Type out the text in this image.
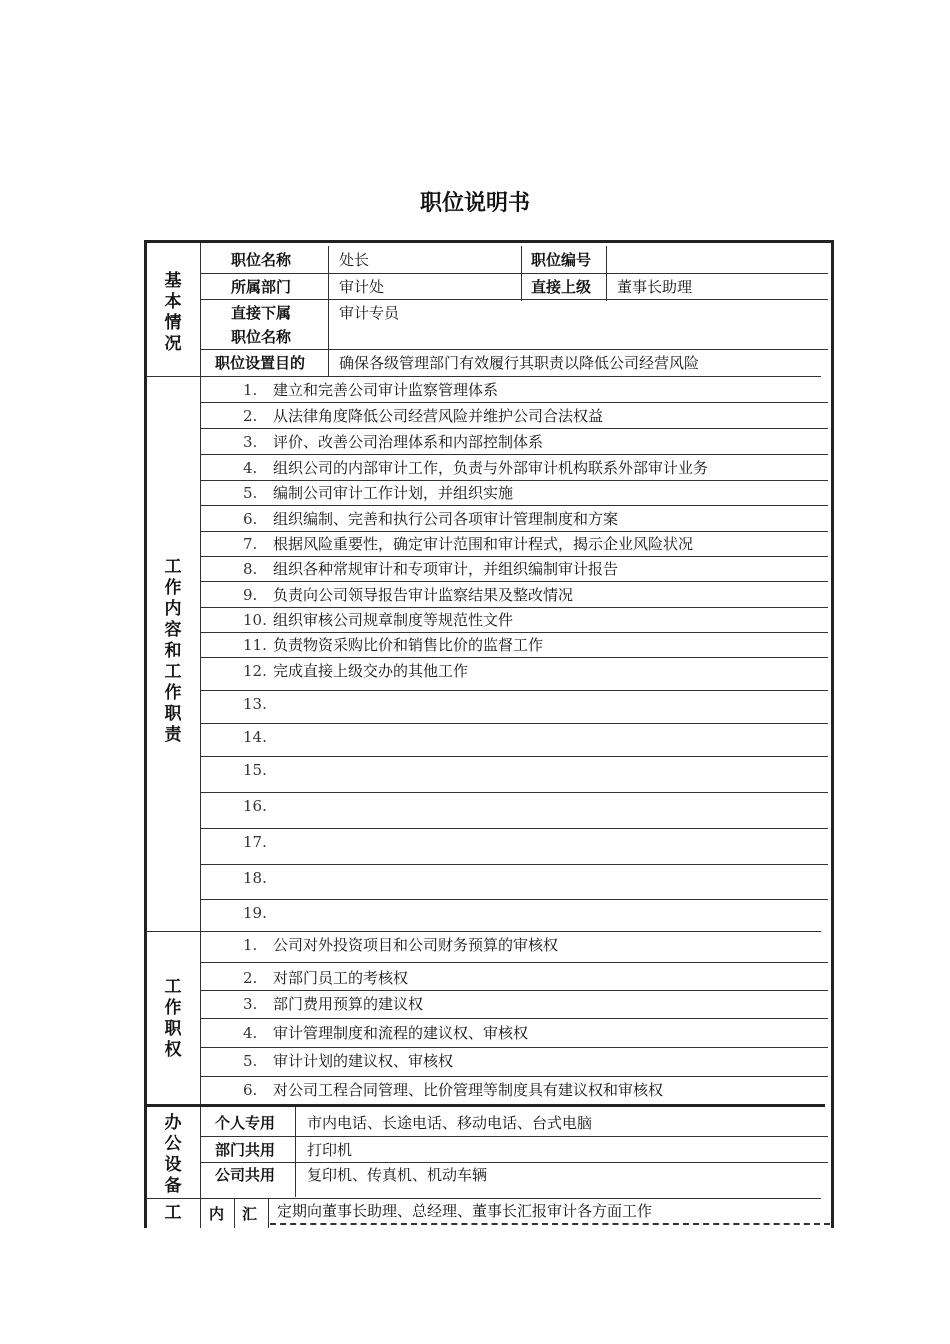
职位说明书
基
本
情
况
职位名称	处长	职位编号
所属部门	审计处	直接上级 董事长助理
直接下属
职位名称
审计专员
职位设置目的 确保各级管理部门有效履行其职责以降低公司经营风险
工
作
内
容
和
工
作
职
责
1. 建立和完善公司审计监察管理体系
2. 从法律角度降低公司经营风险并维护公司合法权益
3. 评价、改善公司治理体系和内部控制体系
4. 组织公司的内部审计工作，负责与外部审计机构联系外部审计业务
5. 编制公司审计工作计划，并组织实施
6. 组织编制、完善和执行公司各项审计管理制度和方案
7. 根据风险重要性，确定审计范围和审计程式，揭示企业风险状况
8. 组织各种常规审计和专项审计，并组织编制审计报告
9. 负责向公司领导报告审计监察结果及整改情况
10. 组织审核公司规章制度等规范性文件
11. 负责物资采购比价和销售比价的监督工作
12. 完成直接上级交办的其他工作
13.
14.
15.
16.
17.
18.
19.
工
作
职
权
1. 公司对外投资项目和公司财务预算的审核权
2. 对部门员工的考核权
3. 部门费用预算的建议权
4. 审计管理制度和流程的建议权、审核权
5. 审计计划的建议权、审核权
6. 对公司工程合同管理、比价管理等制度具有建议权和审核权
办
公
设
备
个人专用 市内电话、长途电话、移动电话、台式电脑
部门共用 打印机
公司共用 复印机、传真机、机动车辆
工	内 汇 定期向董事长助理、总经理、董事长汇报审计各方面工作
